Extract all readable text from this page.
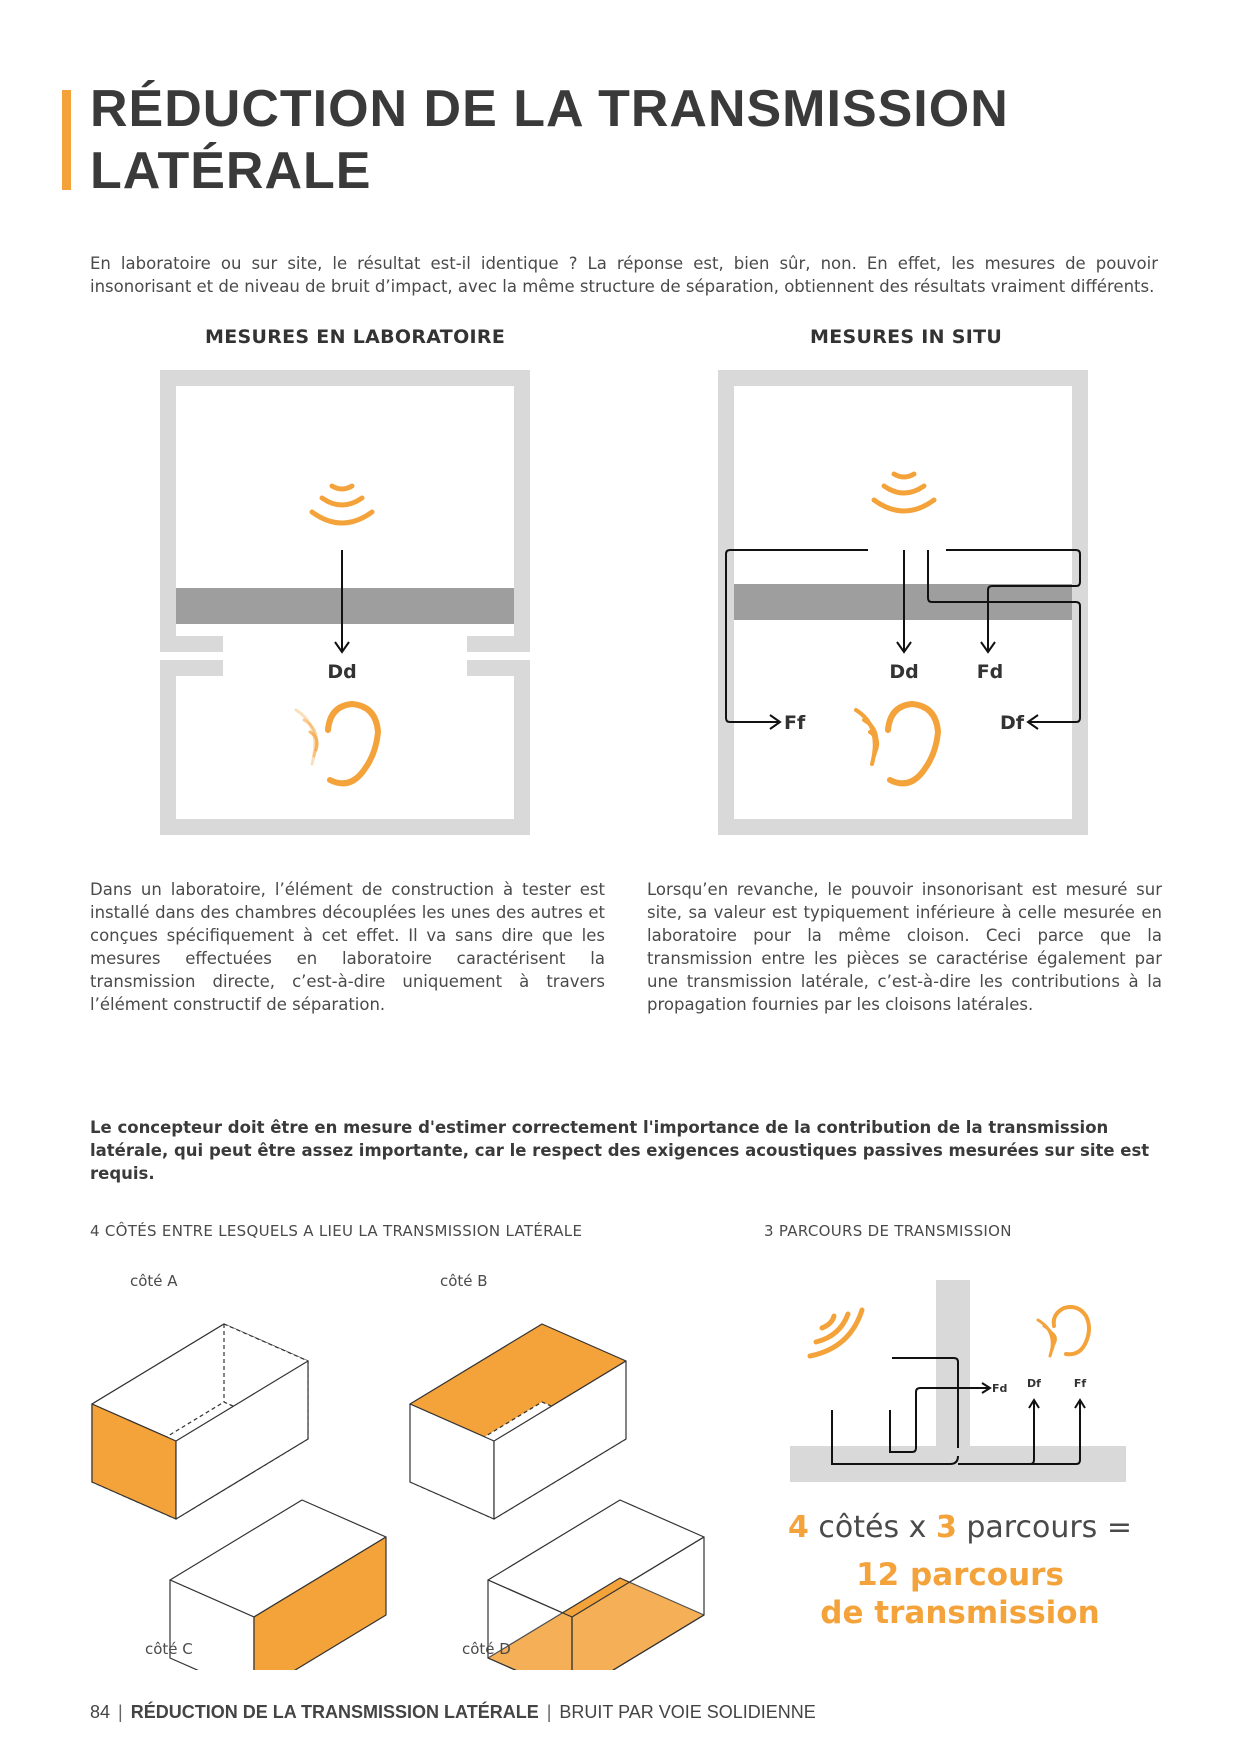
RÉDUCTION DE LA TRANSMISSION
LATÉRALE

En laboratoire ou sur site, le résultat est-il identique ? La réponse est, bien sûr, non. En effet, les mesures de pouvoir insonorisant et de niveau de bruit d’impact, avec la même structure de séparation, obtiennent des résultats vraiment différents.

MESURES EN LABORATOIRE	MESURES IN SITU
Dd	Dd	Fd
Ff	Df

Dans un laboratoire, l’élément de construction à tester est installé dans des chambres découplées les unes des autres et conçues spécifiquement à cet effet. Il va sans dire que les mesures effectuées en laboratoire caractérisent la transmission directe, c’est-à-dire uniquement à travers l’élément constructif de séparation.

Lorsqu’en revanche, le pouvoir insonorisant est mesuré sur site, sa valeur est typiquement inférieure à celle mesurée en laboratoire pour la même cloison. Ceci parce que la transmission entre les pièces se caractérise également par une transmission latérale, c’est-à-dire les contributions à la propagation fournies par les cloisons latérales.

Le concepteur doit être en mesure d'estimer correctement l'importance de la contribution de la transmission latérale, qui peut être assez importante, car le respect des exigences acoustiques passives mesurées sur site est requis.

4 CÔTÉS ENTRE LESQUELS A LIEU LA TRANSMISSION LATÉRALE	3 PARCOURS DE TRANSMISSION

côté A	côté B

côté C	côté D

Fd Df	Ff

4 côtés x 3 parcours =

12 parcours
de transmission

84 | RÉDUCTION DE LA TRANSMISSION LATÉRALE | BRUIT PAR VOIE SOLIDIENNE
